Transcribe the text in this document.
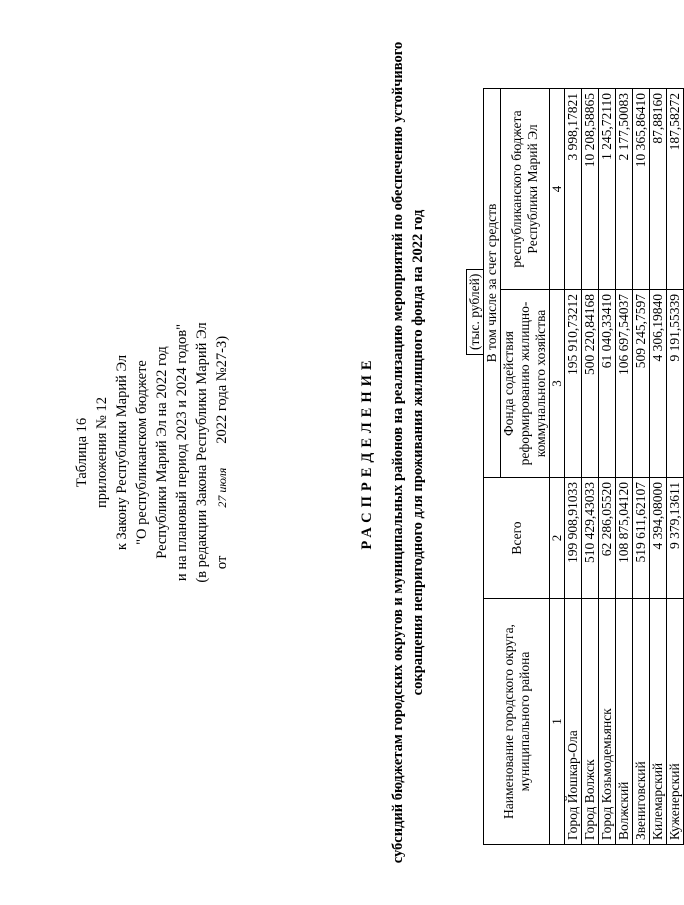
Таблица 16 приложения № 12 к Закону Республики Марий Эл "О республиканском бюджете Республики Марий Эл на 2022 год и на плановый период 2023 и 2024 годов" (в редакции Закона Республики Марий Эл от27 июля2022 года №27-З)	РАСПРЕДЕЛЕНИЕ субсидий бюджетам городских округов и муниципальных районов на реализацию мероприятий по обеспечению устойчивого сокращения непригодного для проживания жилищного фонда на 2022 год	(тыс. рублей)
Наименование городского округа, муниципального района	Всего	В том числе за счет средств	
		Фонда содействия реформированию жилищно-коммунального хозяйства	республиканского бюджета Республики Марий Эл
1	2	3	4
Город Йошкар-Ола	199 908,91033	195 910,73212	3 998,17821
Город Волжск	510 429,43033	500 220,84168	10 208,58865
Город Козьмодемьянск	62 286,05520	61 040,33410	1 245,72110
Волжский	108 875,04120	106 697,54037	2 177,50083
Звениговский	519 611,62107	509 245,7597	10 365,86410
Килемарский	4 394,08000	4 306,19840	87,88160
Куженерский	9 379,13611	9 191,55339	187,58272
